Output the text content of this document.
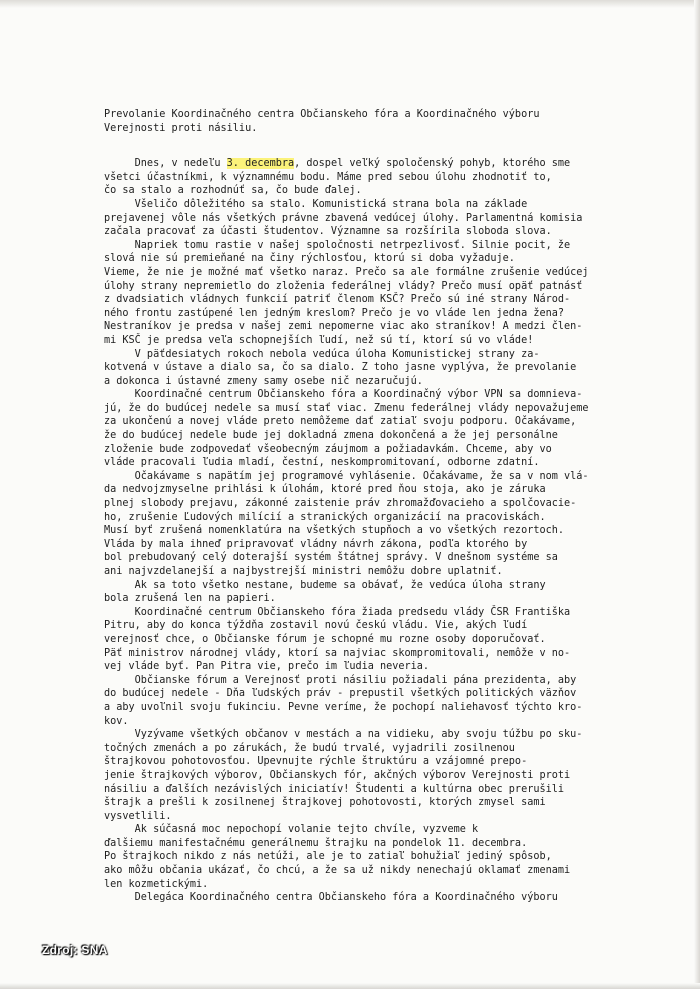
Prevolanie Koordinačného centra Občianskeho fóra a Koordinačného výboru
Verejnosti proti násiliu.
Dnes, v nedeľu 3. decembra, dospel veľký spoločenský pohyb, ktorého sme
všetci účastníkmi, k významnému bodu. Máme pred sebou úlohu zhodnotiť to,
čo sa stalo a rozhodnúť sa, čo bude ďalej.
Všeličo dôležitého sa stalo. Komunistická strana bola na základe
prejavenej vôle nás všetkých právne zbavená vedúcej úlohy. Parlamentná komisia
začala pracovať za účasti študentov. Významne sa rozšírila sloboda slova.
Napriek tomu rastie v našej spoločnosti netrpezlivosť. Silnie pocit, že
slová nie sú premieňané na činy rýchlosťou, ktorú si doba vyžaduje.
Vieme, že nie je možné mať všetko naraz. Prečo sa ale formálne zrušenie vedúcej
úlohy strany nepremietlo do zloženia federálnej vlády? Prečo musí opäť patnásť
z dvadsiatich vládnych funkcií patriť členom KSČ? Prečo sú iné strany Národ-
ného frontu zastúpené len jedným kreslom? Prečo je vo vláde len jedna žena?
Nestraníkov je predsa v našej zemi nepomerne viac ako straníkov! A medzi člen-
mi KSČ je predsa veľa schopnejších ľudí, než sú tí, ktorí sú vo vláde!
V päťdesiatych rokoch nebola vedúca úloha Komunistickej strany za-
kotvená v ústave a dialo sa, čo sa dialo. Z toho jasne vyplýva, že prevolanie
a dokonca i ústavné zmeny samy osebe nič nezaručujú.
Koordinačné centrum Občianskeho fóra a Koordinačný výbor VPN sa domnieva-
jú, že do budúcej nedele sa musí stať viac. Zmenu federálnej vlády nepovažujeme
za ukončenú a novej vláde preto nemôžeme dať zatiaľ svoju podporu. Očakávame,
že do budúcej nedele bude jej dokladná zmena dokončená a že jej personálne
zloženie bude zodpovedať všeobecným záujmom a požiadavkám. Chceme, aby vo
vláde pracovali ľudia mladí, čestní, neskompromitovaní, odborne zdatní.
Očakávame s napätím jej programové vyhlásenie. Očakávame, že sa v nom vlá-
da nedvojzmyselne prihlási k úlohám, ktoré pred ňou stoja, ako je záruka
plnej slobody prejavu, zákonné zaistenie práv zhromažďovacieho a spolčovacie-
ho, zrušenie Ľudových milícií a stranických organizácií na pracoviskách.
Musí byť zrušená nomenklatúra na všetkých stupňoch a vo všetkých rezortoch.
Vláda by mala ihneď pripravovať vládny návrh zákona, podľa ktorého by
bol prebudovaný celý doterajší systém štátnej správy. V dnešnom systéme sa
ani najvzdelanejší a najbystrejší ministri nemôžu dobre uplatniť.
Ak sa toto všetko nestane, budeme sa obávať, že vedúca úloha strany
bola zrušená len na papieri.
Koordinačné centrum Občianskeho fóra žiada predsedu vlády ČSR Františka
Pitru, aby do konca týždňa zostavil novú českú vládu. Vie, akých ľudí
verejnosť chce, o Občianske fórum je schopné mu rozne osoby doporučovať.
Päť ministrov národnej vlády, ktorí sa najviac skompromitovali, nemôže v no-
vej vláde byť. Pan Pitra vie, prečo im ľudia neveria.
Občianske fórum a Verejnosť proti násiliu požiadali pána prezidenta, aby
do budúcej nedele - Dňa ľudských práv - prepustil všetkých politických väzňov
a aby uvoľnil svoju fukinciu. Pevne veríme, že pochopí naliehavosť týchto kro-
kov.
Vyzývame všetkých občanov v mestách a na vidieku, aby svoju túžbu po sku-
točných zmenách a po zárukách, že budú trvalé, vyjadrili zosilnenou
štrajkovou pohotovosťou. Upevnujte rýchle štruktúru a vzájomné prepo-
jenie štrajkových výborov, Občianskych fór, akčných výborov Verejnosti proti
násiliu a ďalších nezávislých iniciatív! Študenti a kultúrna obec prerušili
štrajk a prešli k zosilnenej štrajkovej pohotovosti, ktorých zmysel sami
vysvetlili.
Ak súčasná moc nepochopí volanie tejto chvíle, vyzveme k
ďalšiemu manifestačnému generálnemu štrajku na pondelok 11. decembra.
Po štrajkoch nikdo z nás netúži, ale je to zatiaľ bohužiaľ jediný spôsob,
ako môžu občania ukázať, čo chcú, a že sa už nikdy nenechajú oklamať zmenami
len kozmetickými.
Delegáca Koordinačného centra Občianskeho fóra a Koordinačného výboru
Zdroj: SNA
